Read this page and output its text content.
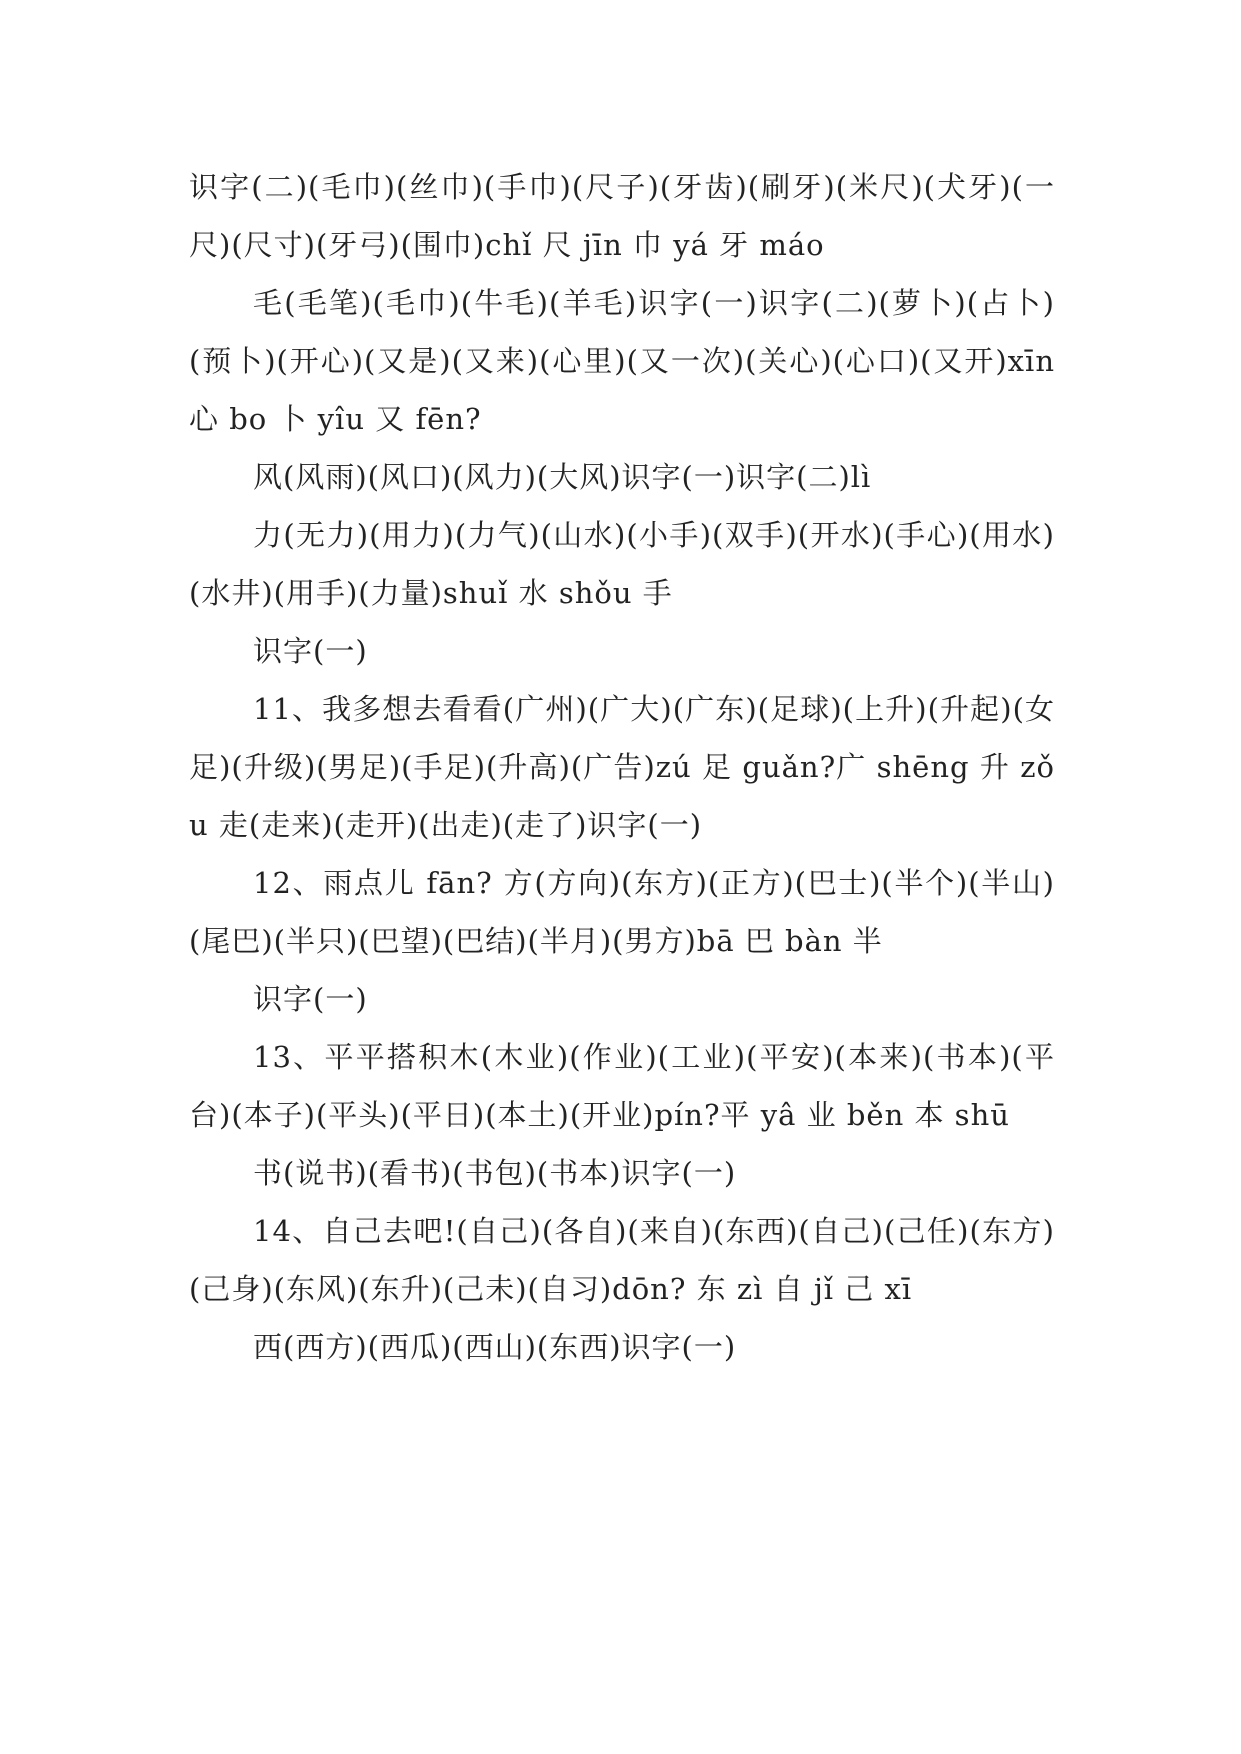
识字(二)(毛巾)(丝巾)(手巾)(尺子)(牙齿)(刷牙)(米尺)(犬牙)(一尺)(尺寸)(牙弓)(围巾)chǐ 尺 jīn 巾 yá 牙 máo

毛(毛笔)(毛巾)(牛毛)(羊毛)识字(一)识字(二)(萝卜)(占卜)(预卜)(开心)(又是)(又来)(心里)(又一次)(关心)(心口)(又开)xīn 心 bo 卜 yîu 又 fēn?

风(风雨)(风口)(风力)(大风)识字(一)识字(二)lì

力(无力)(用力)(力气)(山水)(小手)(双手)(开水)(手心)(用水)(水井)(用手)(力量)shuǐ 水 shǒu 手

识字(一)

11、我多想去看看(广州)(广大)(广东)(足球)(上升)(升起)(女足)(升级)(男足)(手足)(升高)(广告)zú 足 guǎn?广 shēng 升 zǒu 走(走来)(走开)(出走)(走了)识字(一)

12、雨点儿 fān? 方(方向)(东方)(正方)(巴士)(半个)(半山)(尾巴)(半只)(巴望)(巴结)(半月)(男方)bā 巴 bàn 半

识字(一)

13、平平搭积木(木业)(作业)(工业)(平安)(本来)(书本)(平台)(本子)(平头)(平日)(本土)(开业)pín?平 yâ 业 běn 本 shū

书(说书)(看书)(书包)(书本)识字(一)

14、自己去吧!(自己)(各自)(来自)(东西)(自己)(己任)(东方)(己身)(东风)(东升)(己未)(自习)dōn? 东 zì 自 jǐ 己 xī

西(西方)(西瓜)(西山)(东西)识字(一)
